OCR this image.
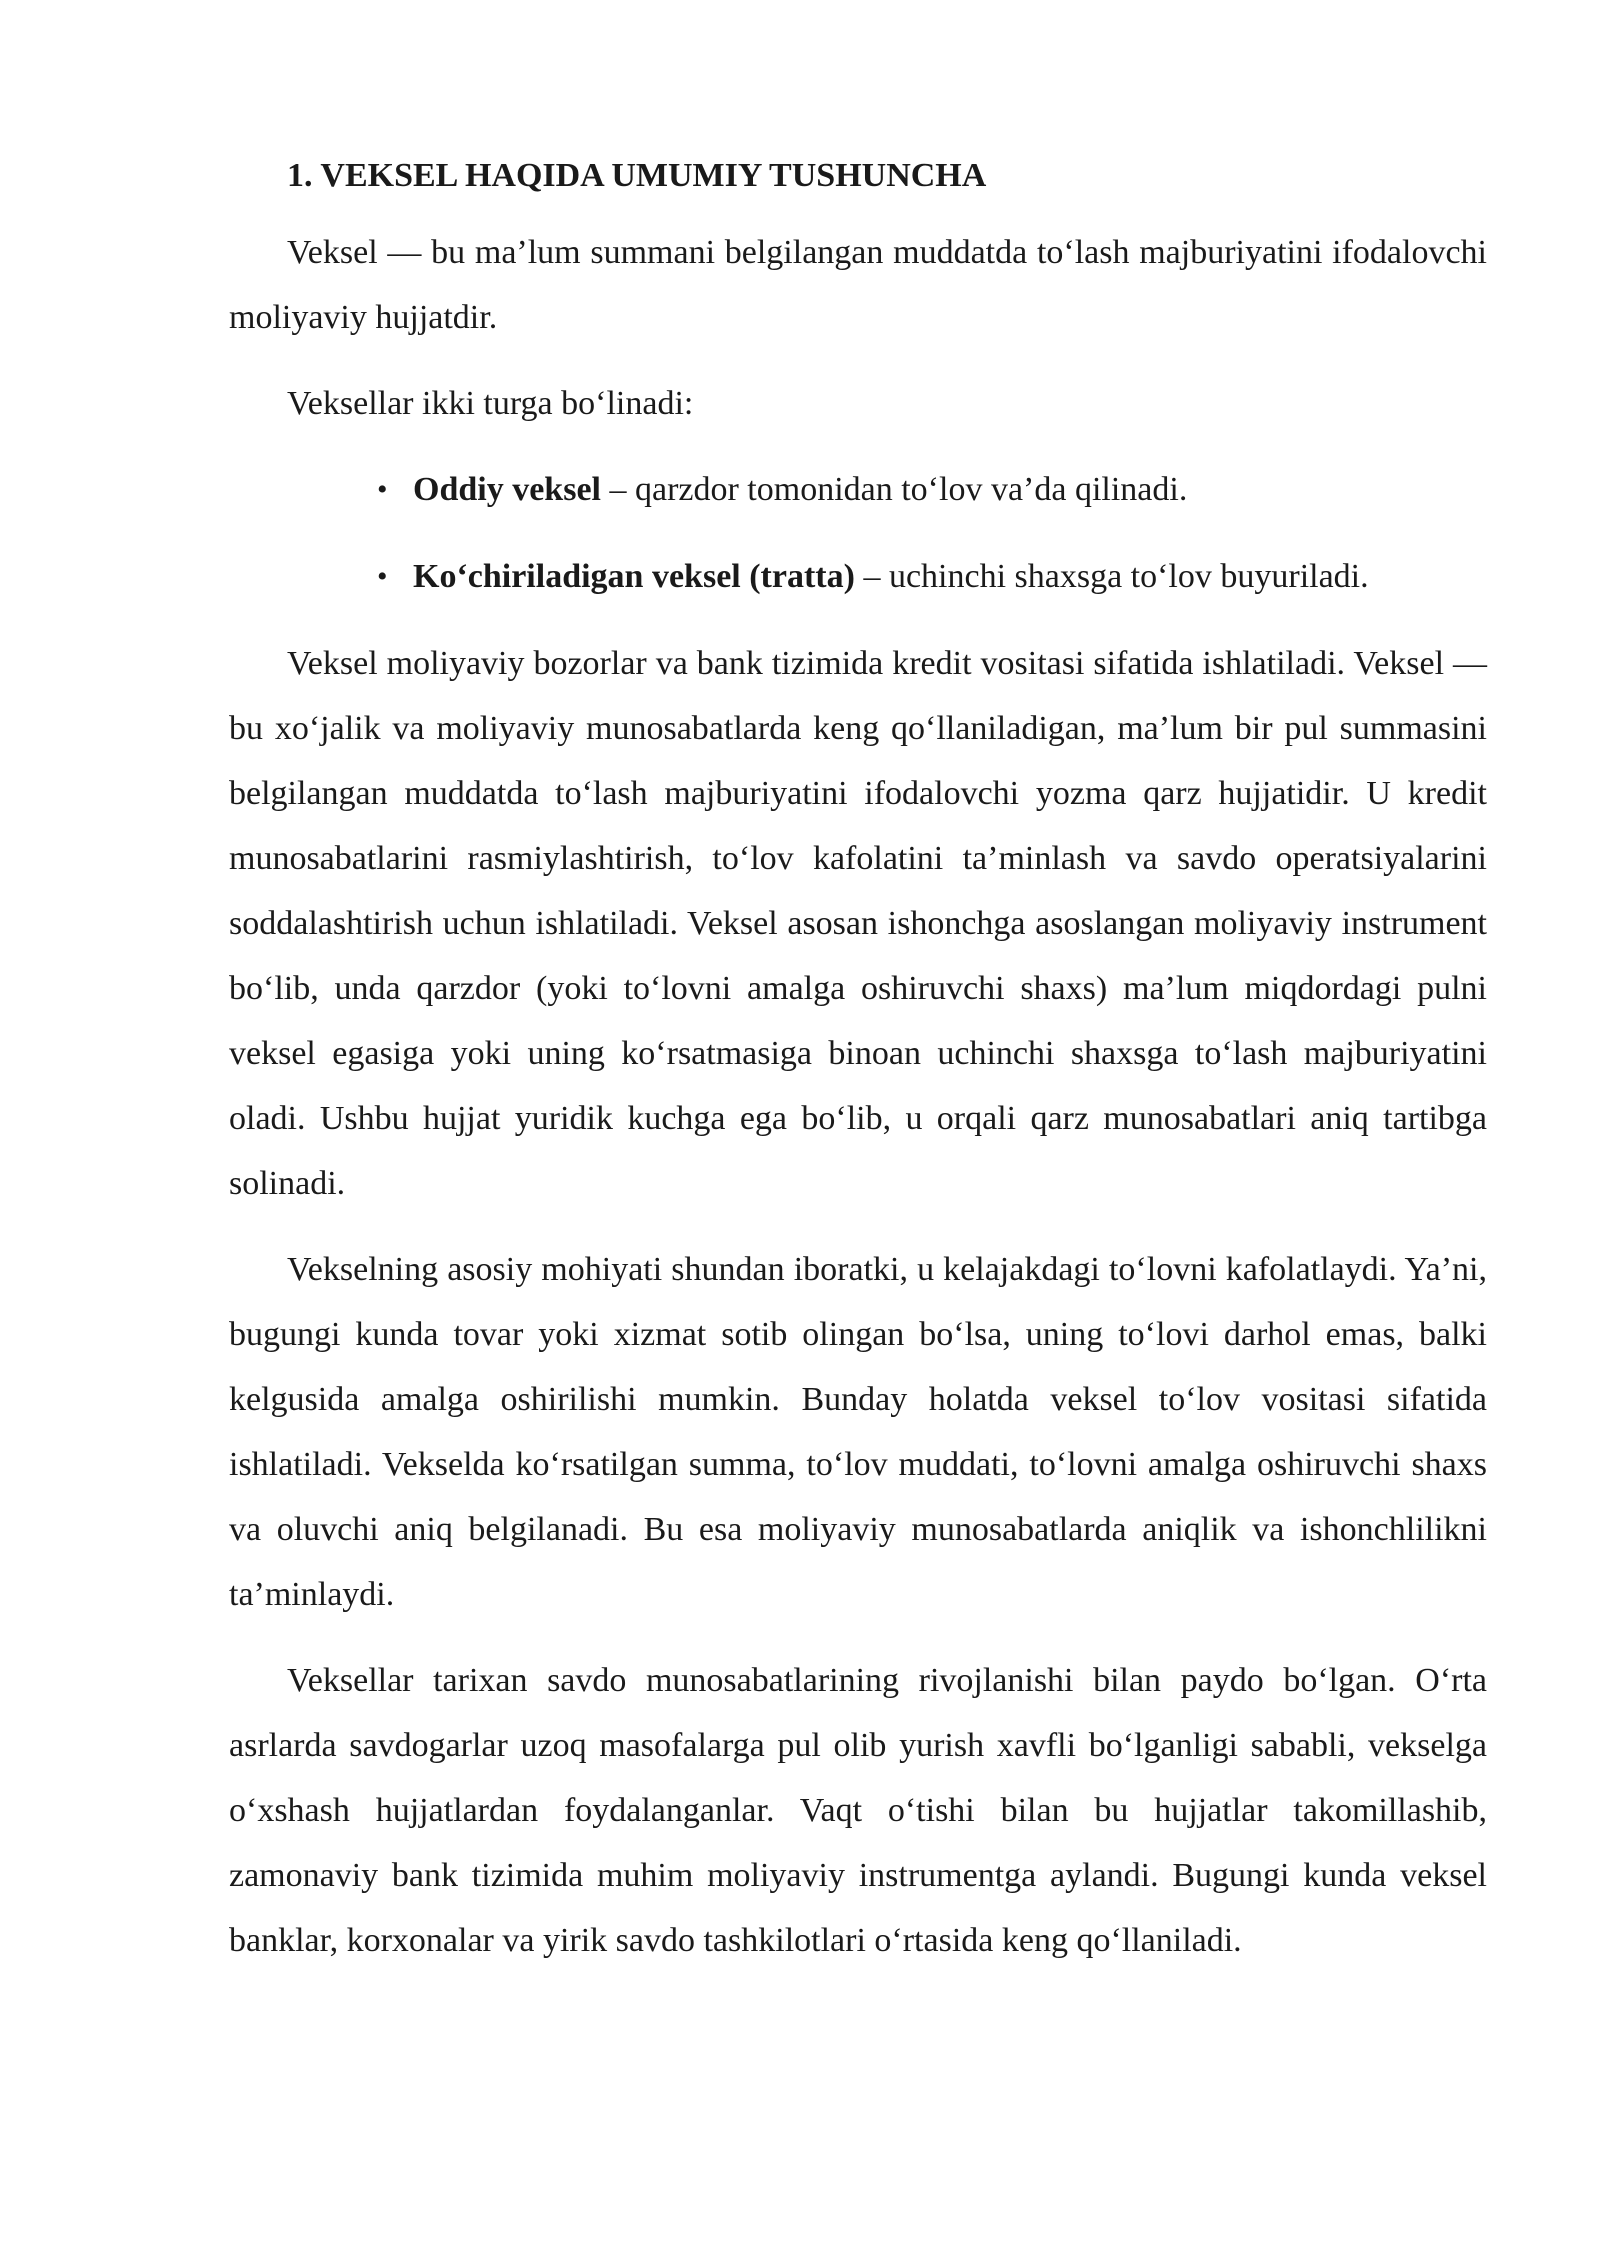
1. VEKSEL HAQIDA UMUMIY TUSHUNCHA

Veksel — bu ma’lum summani belgilangan muddatda to‘lash majburiyatini ifodalovchi moliyaviy hujjatdir.

Veksellar ikki turga bo‘linadi:

• Oddiy veksel – qarzdor tomonidan to‘lov va’da qilinadi.
• Ko‘chiriladigan veksel (tratta) – uchinchi shaxsga to‘lov buyuriladi.

Veksel moliyaviy bozorlar va bank tizimida kredit vositasi sifatida ishlatiladi. Veksel — bu xo‘jalik va moliyaviy munosabatlarda keng qo‘llaniladigan, ma’lum bir pul summasini belgilangan muddatda to‘lash majburiyatini ifodalovchi yozma qarz hujjatidir. U kredit munosabatlarini rasmiylashtirish, to‘lov kafolatini ta’minlash va savdo operatsiyalarini soddalashtirish uchun ishlatiladi. Veksel asosan ishonchga asoslangan moliyaviy instrument bo‘lib, unda qarzdor (yoki to‘lovni amalga oshiruvchi shaxs) ma’lum miqdordagi pulni veksel egasiga yoki uning ko‘rsatmasiga binoan uchinchi shaxsga to‘lash majburiyatini oladi. Ushbu hujjat yuridik kuchga ega bo‘lib, u orqali qarz munosabatlari aniq tartibga solinadi.

Vekselning asosiy mohiyati shundan iboratki, u kelajakdagi to‘lovni kafolatlaydi. Ya’ni, bugungi kunda tovar yoki xizmat sotib olingan bo‘lsa, uning to‘lovi darhol emas, balki kelgusida amalga oshirilishi mumkin. Bunday holatda veksel to‘lov vositasi sifatida ishlatiladi. Vekselda ko‘rsatilgan summa, to‘lov muddati, to‘lovni amalga oshiruvchi shaxs va oluvchi aniq belgilanadi. Bu esa moliyaviy munosabatlarda aniqlik va ishonchlilikni ta’minlaydi.

Veksellar tarixan savdo munosabatlarining rivojlanishi bilan paydo bo‘lgan. O‘rta asrlarda savdogarlar uzoq masofalarga pul olib yurish xavfli bo‘lganligi sababli, vekselga o‘xshash hujjatlardan foydalanganlar. Vaqt o‘tishi bilan bu hujjatlar takomillashib, zamonaviy bank tizimida muhim moliyaviy instrumentga aylandi. Bugungi kunda veksel banklar, korxonalar va yirik savdo tashkilotlari o‘rtasida keng qo‘llaniladi.
